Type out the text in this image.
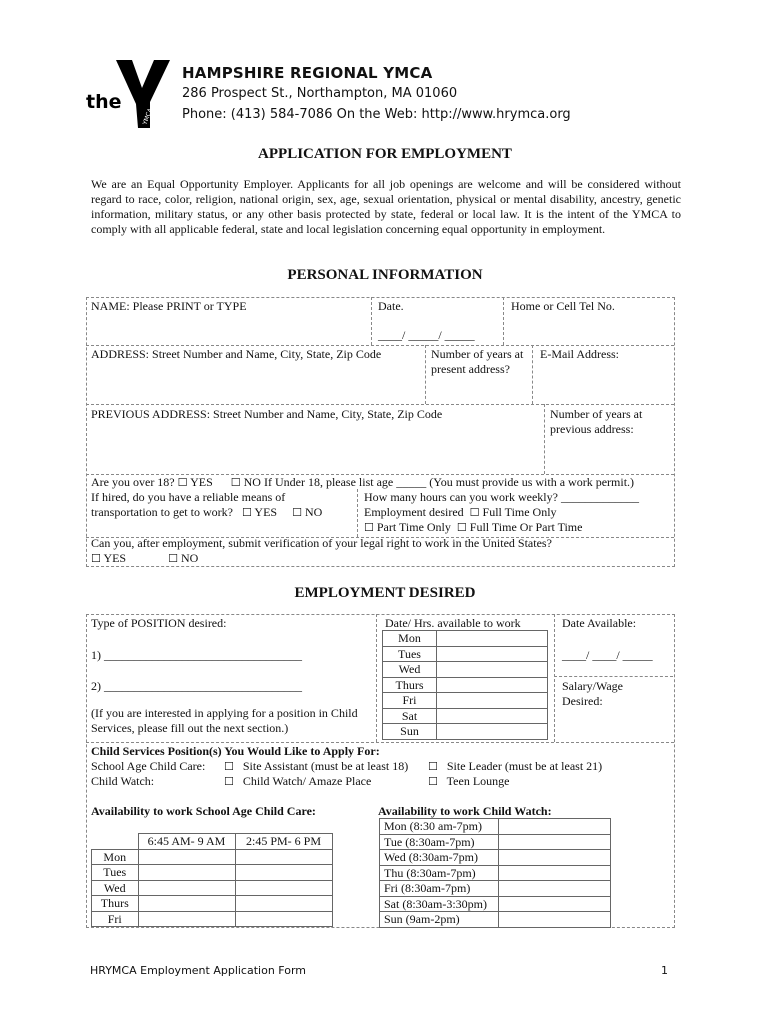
the
YMCA
HAMPSHIRE REGIONAL YMCA
286 Prospect St., Northampton, MA 01060
Phone: (413) 584-7086 On the Web: http://www.hrymca.org
APPLICATION FOR EMPLOYMENT
We are an Equal Opportunity Employer. Applicants for all job openings are welcome and will be considered without regard to race, color, religion, national origin, sex, age, sexual orientation, physical or mental disability, ancestry, genetic information, military status, or any other basis protected by state, federal or local law. It is the intent of the YMCA to comply with all applicable federal, state and local legislation concerning equal opportunity in employment.
PERSONAL INFORMATION
NAME: Please PRINT or TYPE	Date.
____/ _____/ _____
Home or Cell Tel No.
ADDRESS: Street Number and Name, City, State, Zip Code	Number of years at present address?
E-Mail Address:
PREVIOUS ADDRESS: Street Number and Name, City, State, Zip Code	Number of years at previous address:
Are you over 18? ☐ YES ☐ NO If Under 18, please list age _____ (You must provide us with a work permit.)
If hired, do you have a reliable means of
transportation to get to work? ☐ YES ☐ NO
How many hours can you work weekly? _____________
Employment desired ☐ Full Time Only
☐ Part Time Only ☐ Full Time Or Part Time
Can you, after employment, submit verification of your legal right to work in the United States?
☐ YES	☐ NO
EMPLOYMENT DESIRED
Type of POSITION desired:
1) _________________________________
2) _________________________________
(If you are interested in applying for a position in Child Services, please fill out the next section.)
Date/ Hrs. available to work
Mon	
Tues	
Wed	
Thurs	
Fri	
Sat	
Sun	
Date Available:
____/ ____/ _____
Salary/Wage Desired:
Child Services Position(s) You Would Like to Apply For:
School Age Child Care:
Child Watch:
☐ Site Assistant (must be at least 18) ☐ Site Leader (must be at least 21)
☐ Child Watch/ Amaze Place	☐ Teen Lounge
Availability to work School Age Child Care:	Availability to work Child Watch:
	6:45 AM- 9 AM	2:45 PM- 6 PM
Mon		
Tues		
Wed		
Thurs		
Fri		
Mon (8:30 am-7pm)	
Tue (8:30am-7pm)	
Wed (8:30am-7pm)	
Thu (8:30am-7pm)	
Fri (8:30am-7pm)	
Sat (8:30am-3:30pm)	
Sun (9am-2pm)	
HRYMCA Employment Application Form	1
